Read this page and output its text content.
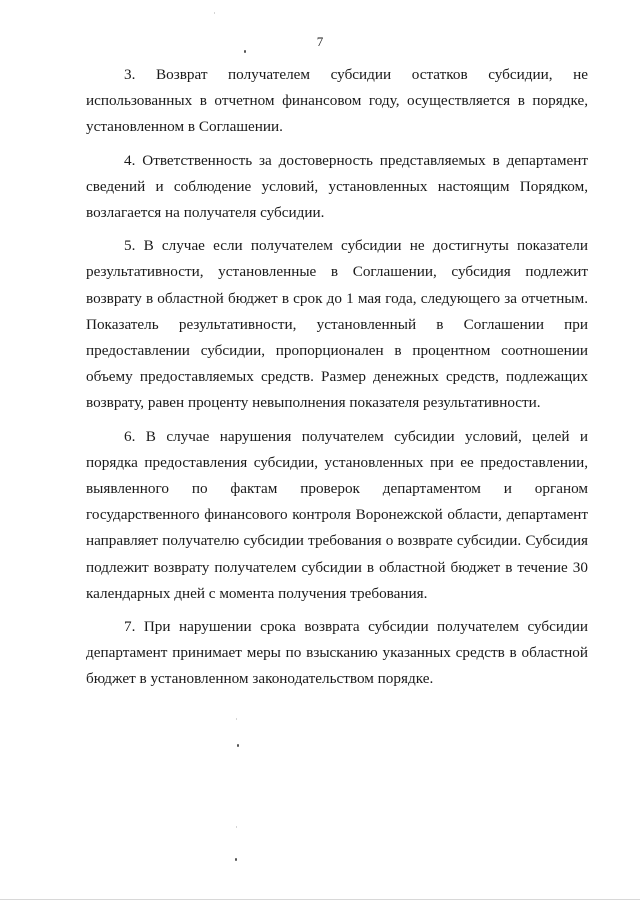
7

3. Возврат получателем субсидии остатков субсидии, не использованных в отчетном финансовом году, осуществляется в порядке, установленном в Соглашении.

4. Ответственность за достоверность представляемых в департамент сведений и соблюдение условий, установленных настоящим Порядком, возлагается на получателя субсидии.

5. В случае если получателем субсидии не достигнуты показатели результативности, установленные в Соглашении, субсидия подлежит возврату в областной бюджет в срок до 1 мая года, следующего за отчетным. Показатель результативности, установленный в Соглашении при предоставлении субсидии, пропорционален в процентном соотношении объему предоставляемых средств. Размер денежных средств, подлежащих возврату, равен проценту невыполнения показателя результативности.

6. В случае нарушения получателем субсидии условий, целей и порядка предоставления субсидии, установленных при ее предоставлении, выявленного по фактам проверок департаментом и органом государственного финансового контроля Воронежской области, департамент направляет получателю субсидии требования о возврате субсидии. Субсидия подлежит возврату получателем субсидии в областной бюджет в течение 30 календарных дней с момента получения требования.

7. При нарушении срока возврата субсидии получателем субсидии департамент принимает меры по взысканию указанных средств в областной бюджет в установленном законодательством порядке.
